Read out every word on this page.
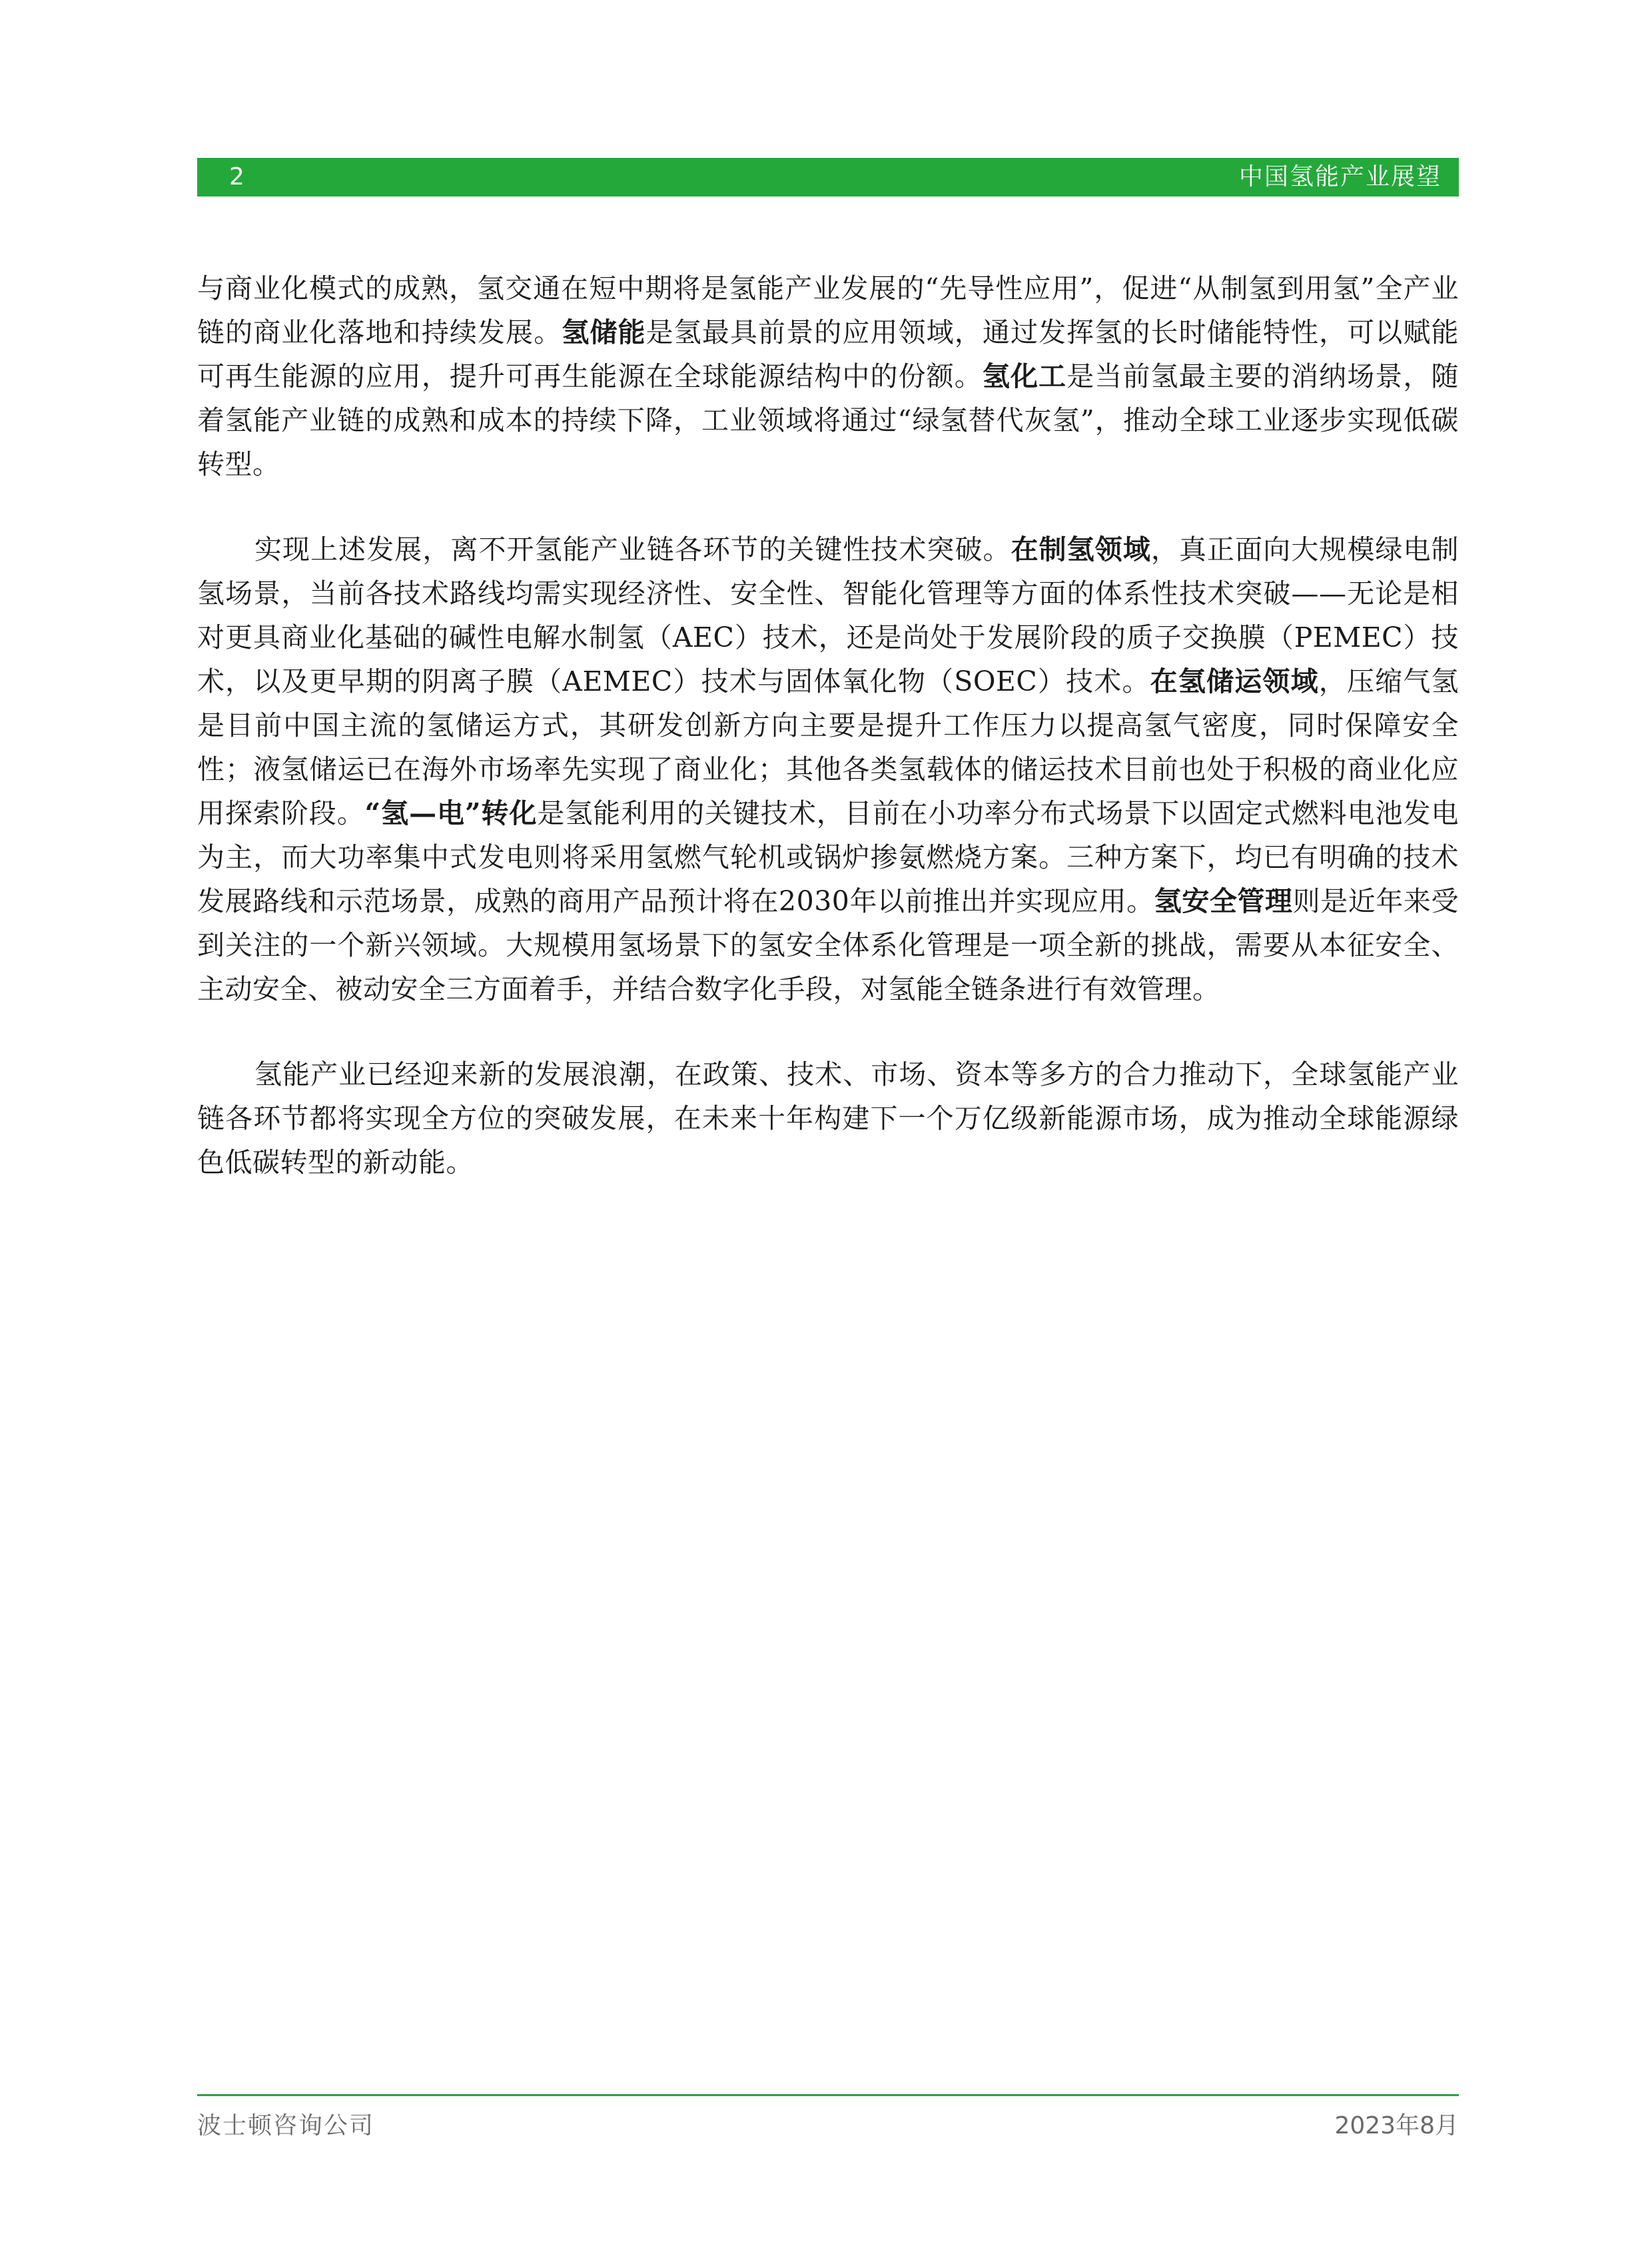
2	中国氢能产业展望

与商业化模式的成熟，氢交通在短中期将是氢能产业发展的“先导性应用”，促进“从制氢到用氢”全产业链的商业化落地和持续发展。氢储能是氢最具前景的应用领域，通过发挥氢的长时储能特性，可以赋能可再生能源的应用，提升可再生能源在全球能源结构中的份额。氢化工是当前氢最主要的消纳场景，随着氢能产业链的成熟和成本的持续下降，工业领域将通过“绿氢替代灰氢”，推动全球工业逐步实现低碳转型。

实现上述发展，离不开氢能产业链各环节的关键性技术突破。在制氢领域，真正面向大规模绿电制氢场景，当前各技术路线均需实现经济性、安全性、智能化管理等方面的体系性技术突破——无论是相对更具商业化基础的碱性电解水制氢（AEC）技术，还是尚处于发展阶段的质子交换膜（PEMEC）技术，以及更早期的阴离子膜（AEMEC）技术与固体氧化物（SOEC）技术。在氢储运领域，压缩气氢是目前中国主流的氢储运方式，其研发创新方向主要是提升工作压力以提高氢气密度，同时保障安全性；液氢储运已在海外市场率先实现了商业化；其他各类氢载体的储运技术目前也处于积极的商业化应用探索阶段。“氢—电”转化是氢能利用的关键技术，目前在小功率分布式场景下以固定式燃料电池发电为主，而大功率集中式发电则将采用氢燃气轮机或锅炉掺氨燃烧方案。三种方案下，均已有明确的技术发展路线和示范场景，成熟的商用产品预计将在2030年以前推出并实现应用。氢安全管理则是近年来受到关注的一个新兴领域。大规模用氢场景下的氢安全体系化管理是一项全新的挑战，需要从本征安全、主动安全、被动安全三方面着手，并结合数字化手段，对氢能全链条进行有效管理。

氢能产业已经迎来新的发展浪潮，在政策、技术、市场、资本等多方的合力推动下，全球氢能产业链各环节都将实现全方位的突破发展，在未来十年构建下一个万亿级新能源市场，成为推动全球能源绿色低碳转型的新动能。

波士顿咨询公司	2023年8月
